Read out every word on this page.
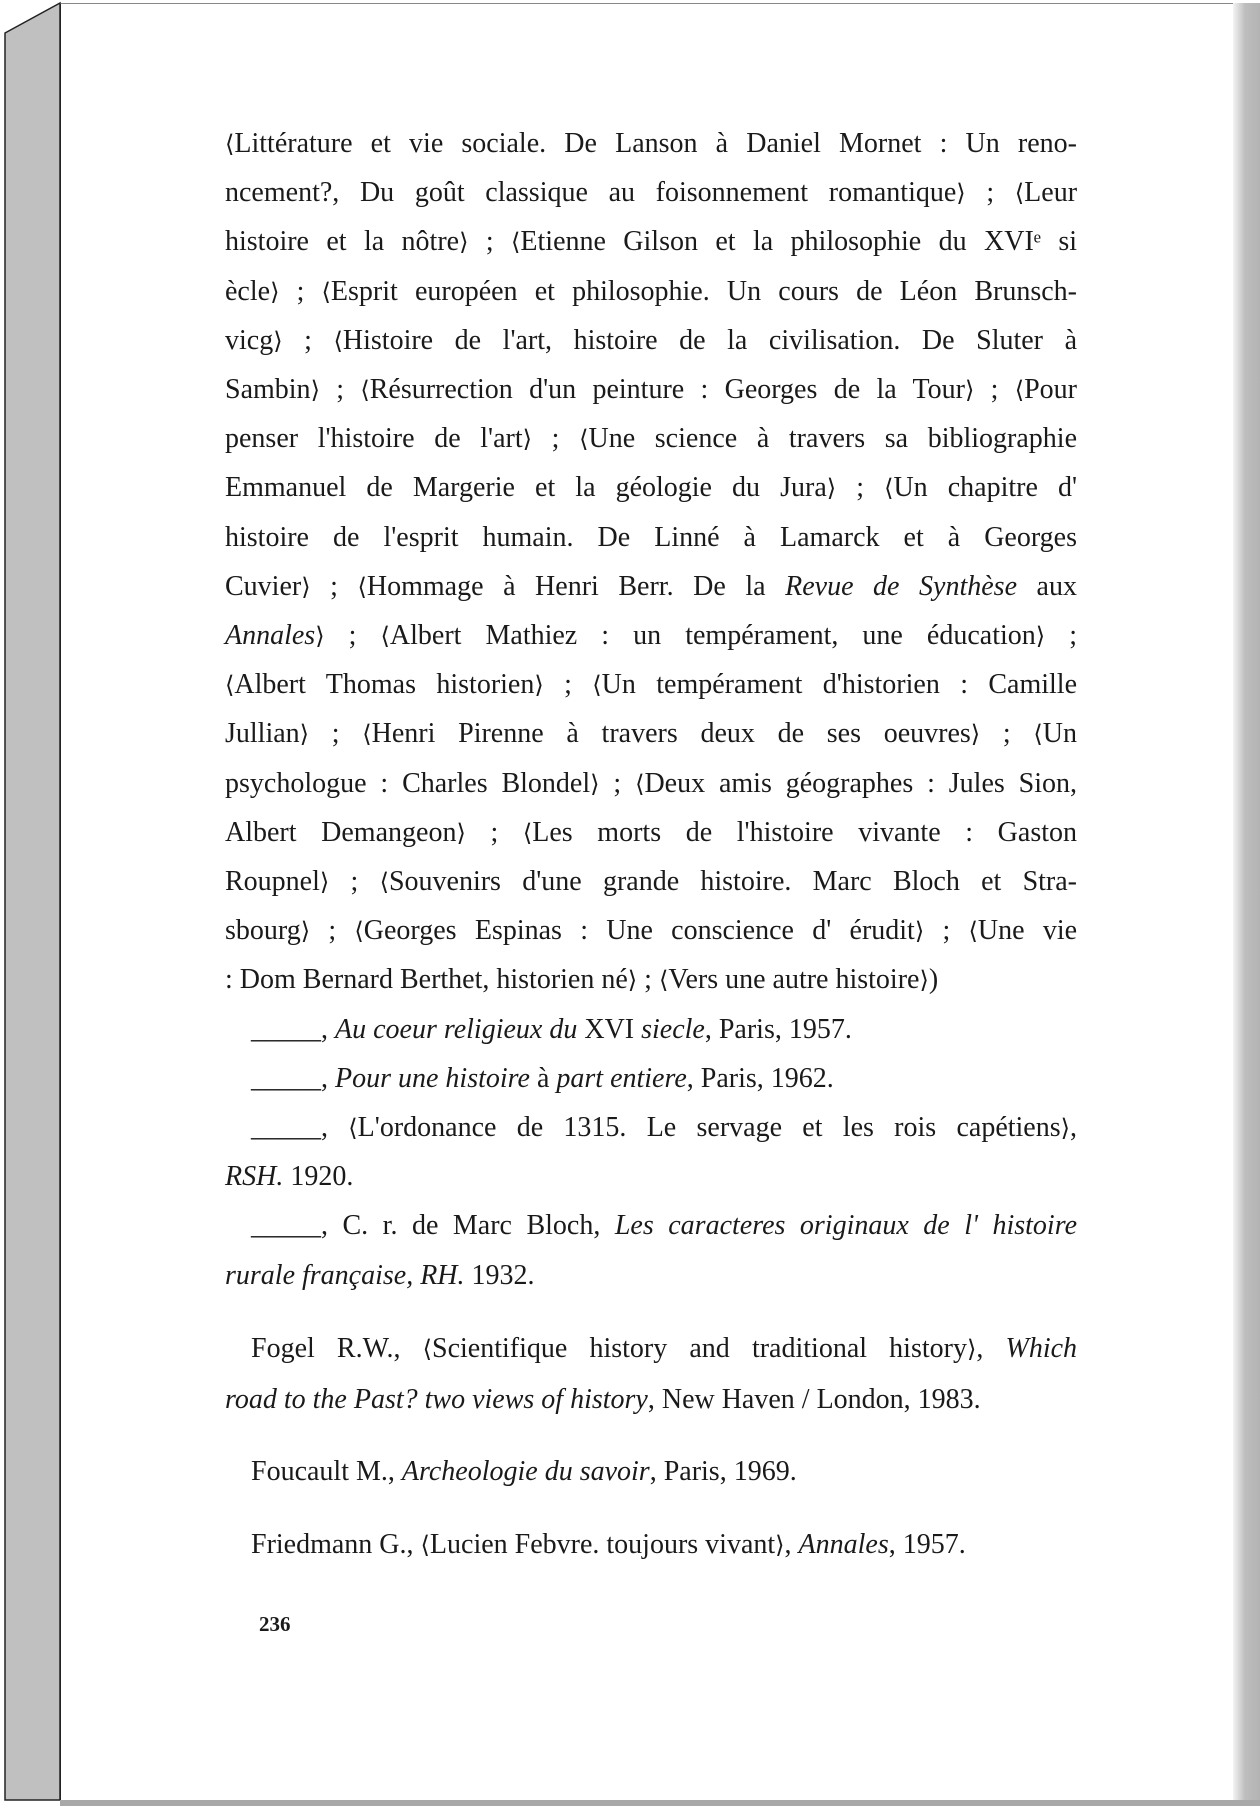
⟨Littérature et vie sociale. De Lanson à Daniel Mornet : Un reno-
ncement?, Du goût classique au foisonnement romantique⟩ ; ⟨Leur
histoire et la nôtre⟩ ; ⟨Etienne Gilson et la philosophie du XVIᵉ si
ècle⟩ ; ⟨Esprit européen et philosophie. Un cours de Léon Brunsch-
vicg⟩ ; ⟨Histoire de l'art, histoire de la civilisation. De Sluter à
Sambin⟩ ; ⟨Résurrection d'un peinture : Georges de la Tour⟩ ; ⟨Pour
penser l'histoire de l'art⟩ ; ⟨Une science à travers sa bibliographie
Emmanuel de Margerie et la géologie du Jura⟩ ; ⟨Un chapitre d'
histoire de l'esprit humain. De Linné à Lamarck et à Georges
Cuvier⟩ ; ⟨Hommage à Henri Berr. De la Revue de Synthèse aux
Annales⟩ ; ⟨Albert Mathiez : un tempérament, une éducation⟩ ;
⟨Albert Thomas historien⟩ ; ⟨Un tempérament d'historien : Camille
Jullian⟩ ; ⟨Henri Pirenne à travers deux de ses oeuvres⟩ ; ⟨Un
psychologue : Charles Blondel⟩ ; ⟨Deux amis géographes : Jules Sion,
Albert Demangeon⟩ ; ⟨Les morts de l'histoire vivante : Gaston
Roupnel⟩ ; ⟨Souvenirs d'une grande histoire. Marc Bloch et Stra-
sbourg⟩ ; ⟨Georges Espinas : Une conscience d' érudit⟩ ; ⟨Une vie
: Dom Bernard Berthet, historien né⟩ ; ⟨Vers une autre histoire⟩)
_____, Au coeur religieux du XVI siecle, Paris, 1957.
_____, Pour une histoire à part entiere, Paris, 1962.
_____, ⟨L'ordonance de 1315. Le servage et les rois capétiens⟩,
RSH. 1920.
_____, C. r. de Marc Bloch, Les caracteres originaux de l' histoire
rurale française, RH. 1932.
Fogel R.W., ⟨Scientifique history and traditional history⟩, Which
road to the Past? two views of history, New Haven / London, 1983.
Foucault M., Archeologie du savoir, Paris, 1969.
Friedmann G., ⟨Lucien Febvre. toujours vivant⟩, Annales, 1957.
236
